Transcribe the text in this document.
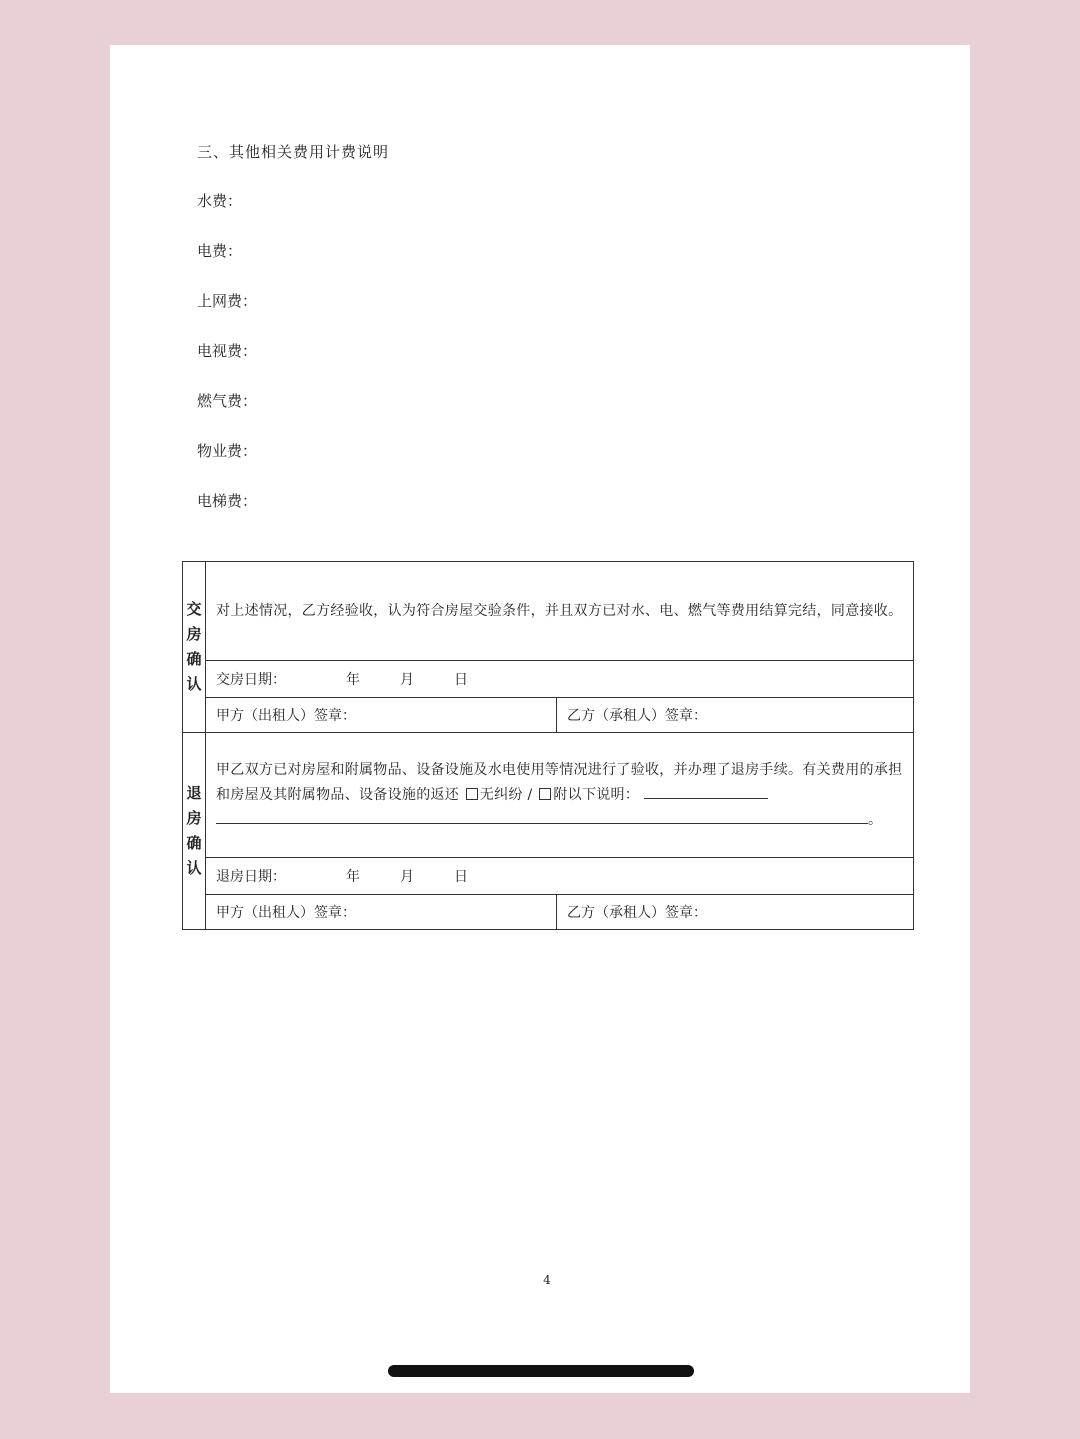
三、其他相关费用计费说明
水费：
电费：
上网费：
电视费：
燃气费：
物业费：
电梯费：
交房确认	对上述情况，乙方经验收，认为符合房屋交验条件，并且双方已对水、电、燃气等费用结算完结，同意接收。	

	交房日期： 年 月 日	
	甲方（出租人）签章：	乙方（承租人）签章：
退房确认	甲乙双方已对房屋和附属物品、设备设施及水电使用等情况进行了验收，并办理了退房手续。有关费用的承担和房屋及其附属物品、设备设施的返还 无纠纷 / 附以下说明：
。	

	退房日期： 年 月 日	
	甲方（出租人）签章：	乙方（承租人）签章：
4
